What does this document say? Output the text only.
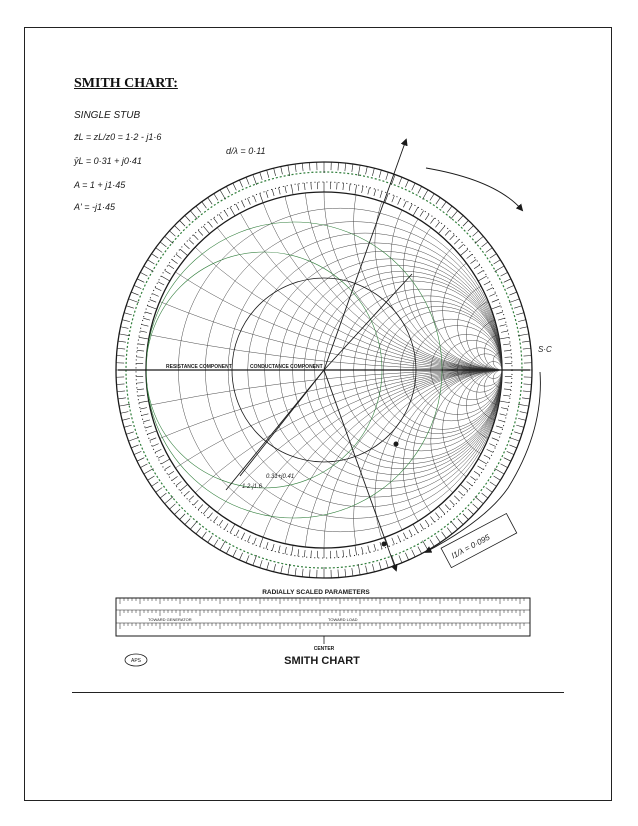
SMITH CHART:
RESISTANCE COMPONENT	CONDUCTANCE COMPONENT
RADIALLY SCALED PARAMETERS
TOWARD GENERATOR	TOWARD LOAD
CENTER
APS	SMITH CHART
SINGLE STUB
z̄L = zL/z0 = 1·2 - j1·6
ȳL = 0·31 + j0·41
A = 1 + j1·45
A' = -j1·45
d/λ = 0·11
S·C
l1/λ = 0·095
1.2-j1.6
0.31+j0.41
